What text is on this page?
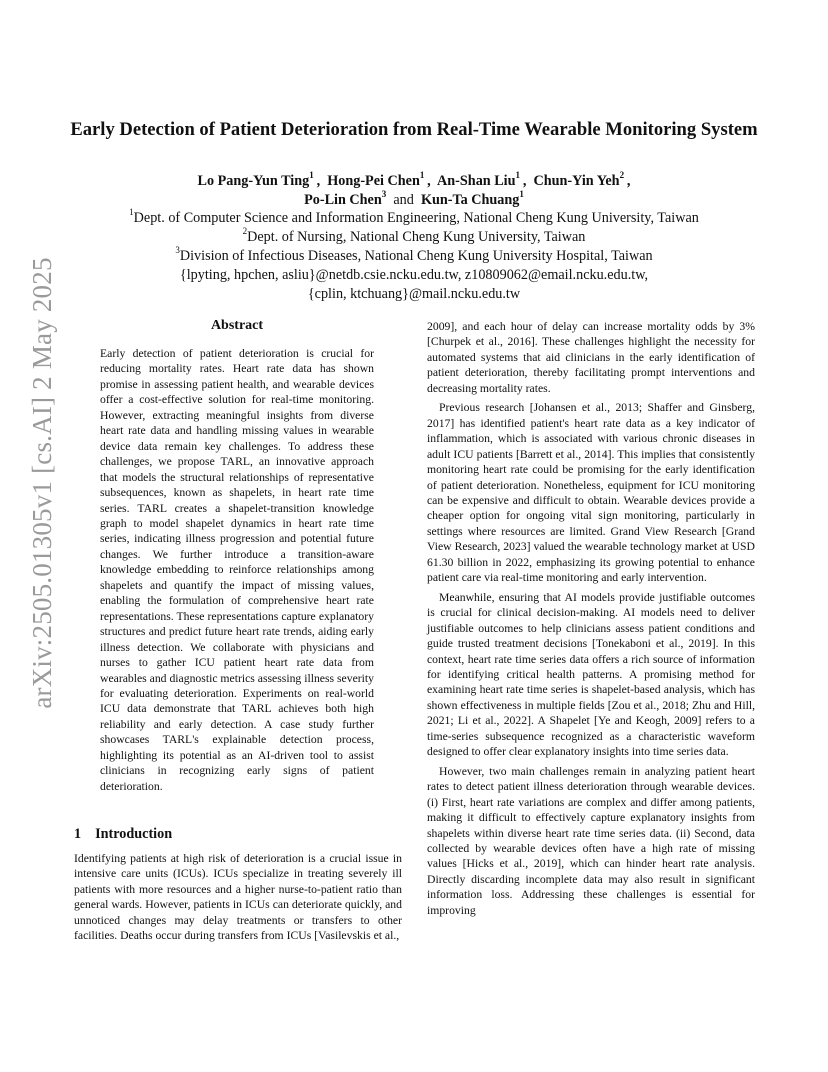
arXiv:2505.01305v1 [cs.AI] 2 May 2025
Early Detection of Patient Deterioration from Real-Time Wearable Monitoring System
Lo Pang-Yun Ting$^1$ ,  Hong-Pei Chen$^1$ ,  An-Shan Liu$^1$ ,  Chun-Yin Yeh$^2$ ,
Po-Lin Chen$^3$ and Kun-Ta Chuang$^1$
$^1$Dept. of Computer Science and Information Engineering, National Cheng Kung University, Taiwan
$^2$Dept. of Nursing, National Cheng Kung University, Taiwan
$^3$Division of Infectious Diseases, National Cheng Kung University Hospital, Taiwan
{lpyting, hpchen, asliu}@netdb.csie.ncku.edu.tw, z10809062@email.ncku.edu.tw,
{cplin, ktchuang}@mail.ncku.edu.tw
Abstract

Early detection of patient deterioration is crucial for reducing mortality rates. Heart rate data has shown promise in assessing patient health, and wearable devices offer a cost-effective solution for real-time monitoring. However, extracting meaningful insights from diverse heart rate data and handling missing values in wearable device data remain key challenges. To address these challenges, we propose TARL, an innovative approach that models the structural relationships of representative subsequences, known as shapelets, in heart rate time series. TARL creates a shapelet-transition knowledge graph to model shapelet dynamics in heart rate time series, indicating illness progression and potential future changes. We further introduce a transition-aware knowledge embedding to reinforce relationships among shapelets and quantify the impact of missing values, enabling the formulation of comprehensive heart rate representations. These representations capture explanatory structures and predict future heart rate trends, aiding early illness detection. We collaborate with physicians and nurses to gather ICU patient heart rate data from wearables and diagnostic metrics assessing illness severity for evaluating deterioration. Experiments on real-world ICU data demonstrate that TARL achieves both high reliability and early detection. A case study further showcases TARL's explainable detection process, highlighting its potential as an AI-driven tool to assist clinicians in recognizing early signs of patient deterioration.

1 Introduction

Identifying patients at high risk of deterioration is a crucial issue in intensive care units (ICUs). ICUs specialize in treating severely ill patients with more resources and a higher nurse-to-patient ratio than general wards. However, patients in ICUs can deteriorate quickly, and unnoticed changes may delay treatments or transfers to other facilities. Deaths occur during transfers from ICUs [Vasilevskis et al.,

2009], and each hour of delay can increase mortality odds by 3% [Churpek et al., 2016]. These challenges highlight the necessity for automated systems that aid clinicians in the early identification of patient deterioration, thereby facilitating prompt interventions and decreasing mortality rates.

Previous research [Johansen et al., 2013; Shaffer and Ginsberg, 2017] has identified patient's heart rate data as a key indicator of inflammation, which is associated with various chronic diseases in adult ICU patients [Barrett et al., 2014]. This implies that consistently monitoring heart rate could be promising for the early identification of patient deterioration. Nonetheless, equipment for ICU monitoring can be expensive and difficult to obtain. Wearable devices provide a cheaper option for ongoing vital sign monitoring, particularly in settings where resources are limited. Grand View Research [Grand View Research, 2023] valued the wearable technology market at USD 61.30 billion in 2022, emphasizing its growing potential to enhance patient care via real-time monitoring and early intervention.

Meanwhile, ensuring that AI models provide justifiable outcomes is crucial for clinical decision-making. AI models need to deliver justifiable outcomes to help clinicians assess patient conditions and guide trusted treatment decisions [Tonekaboni et al., 2019]. In this context, heart rate time series data offers a rich source of information for identifying critical health patterns. A promising method for examining heart rate time series is shapelet-based analysis, which has shown effectiveness in multiple fields [Zou et al., 2018; Zhu and Hill, 2021; Li et al., 2022]. A Shapelet [Ye and Keogh, 2009] refers to a time-series subsequence recognized as a characteristic waveform designed to offer clear explanatory insights into time series data.

However, two main challenges remain in analyzing patient heart rates to detect patient illness deterioration through wearable devices. (i) First, heart rate variations are complex and differ among patients, making it difficult to effectively capture explanatory insights from shapelets within diverse heart rate time series data. (ii) Second, data collected by wearable devices often have a high rate of missing values [Hicks et al., 2019], which can hinder heart rate analysis. Directly discarding incomplete data may also result in significant information loss. Addressing these challenges is essential for improving
